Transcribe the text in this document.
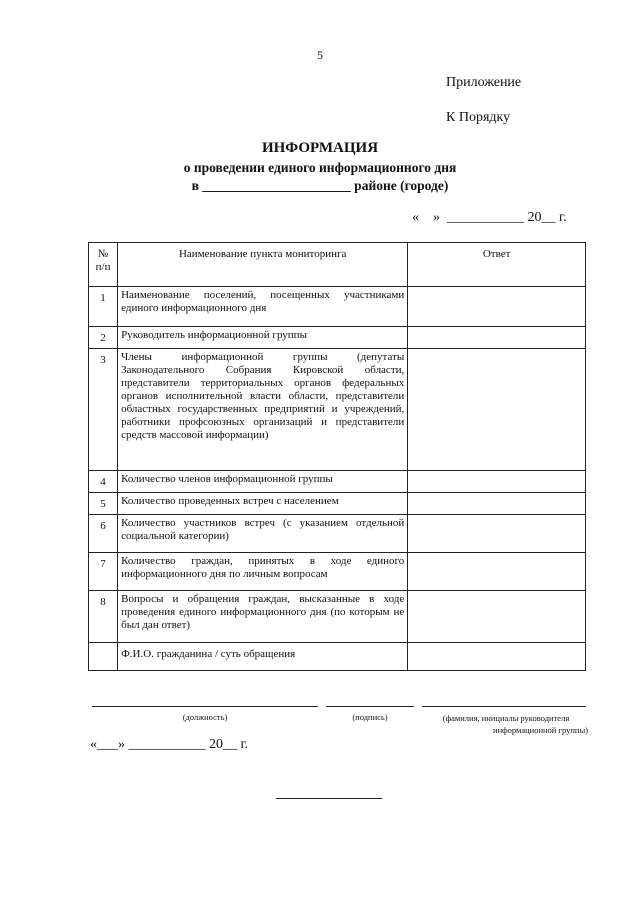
5
Приложение
К Порядку
ИНФОРМАЦИЯ
о проведении единого информационного дня
в ______________________ районе (городе)
«    »  ___________ 20__ г.
№ п/п	Наименование пункта мониторинга	Ответ
1	Наименование поселений, посещенных участниками единого информационного дня	
2	Руководитель информационной группы	
3	Члены информационной группы (депутаты Законодательного Собрания Кировской области, представители территориальных органов федеральных органов исполнительной власти области, представители областных государственных предприятий и учреждений, работники профсоюзных организаций и представители средств массовой информации)	
4	Количество членов информационной группы	
5	Количество проведенных встреч с населением	
6	Количество участников встреч (с указанием отдельной социальной категории)	
7	Количество граждан, принятых в ходе единого информационного дня по личным вопросам	
8	Вопросы и обращения граждан, высказанные в ходе проведения единого информационного дня (по которым не был дан ответ)	
	Ф.И.О. гражданина / суть обращения	
(должность)	(подпись)	(фамилия, инициалы руководителя
информационной группы)
«___» ___________ 20__ г.
